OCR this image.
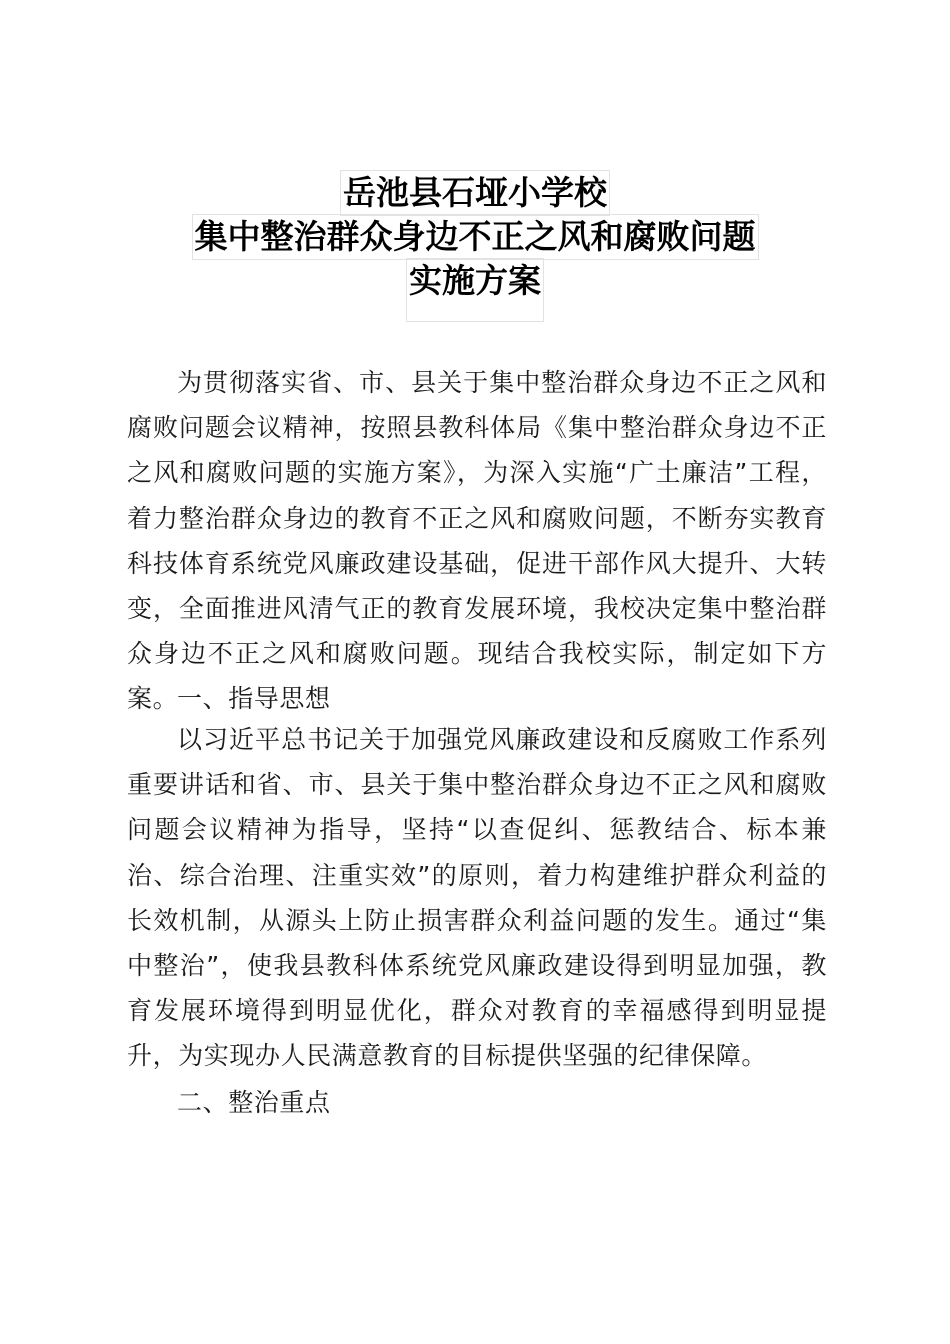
岳池县石垭小学校
集中整治群众身边不正之风和腐败问题
实施方案

为贯彻落实省、市、县关于集中整治群众身边不正之风和腐败问题会议精神，按照县教科体局《集中整治群众身边不正之风和腐败问题的实施方案》，为深入实施“广土廉洁”工程，着力整治群众身边的教育不正之风和腐败问题，不断夯实教育科技体育系统党风廉政建设基础，促进干部作风大提升、大转变，全面推进风清气正的教育发展环境，我校决定集中整治群众身边不正之风和腐败问题。现结合我校实际，制定如下方案。

一、指导思想

以习近平总书记关于加强党风廉政建设和反腐败工作系列重要讲话和省、市、县关于集中整治群众身边不正之风和腐败问题会议精神为指导，坚持“以查促纠、惩教结合、标本兼治、综合治理、注重实效”的原则，着力构建维护群众利益的长效机制，从源头上防止损害群众利益问题的发生。通过“集中整治”，使我县教科体系统党风廉政建设得到明显加强，教育发展环境得到明显优化，群众对教育的幸福感得到明显提升，为实现办人民满意教育的目标提供坚强的纪律保障。

二、整治重点
